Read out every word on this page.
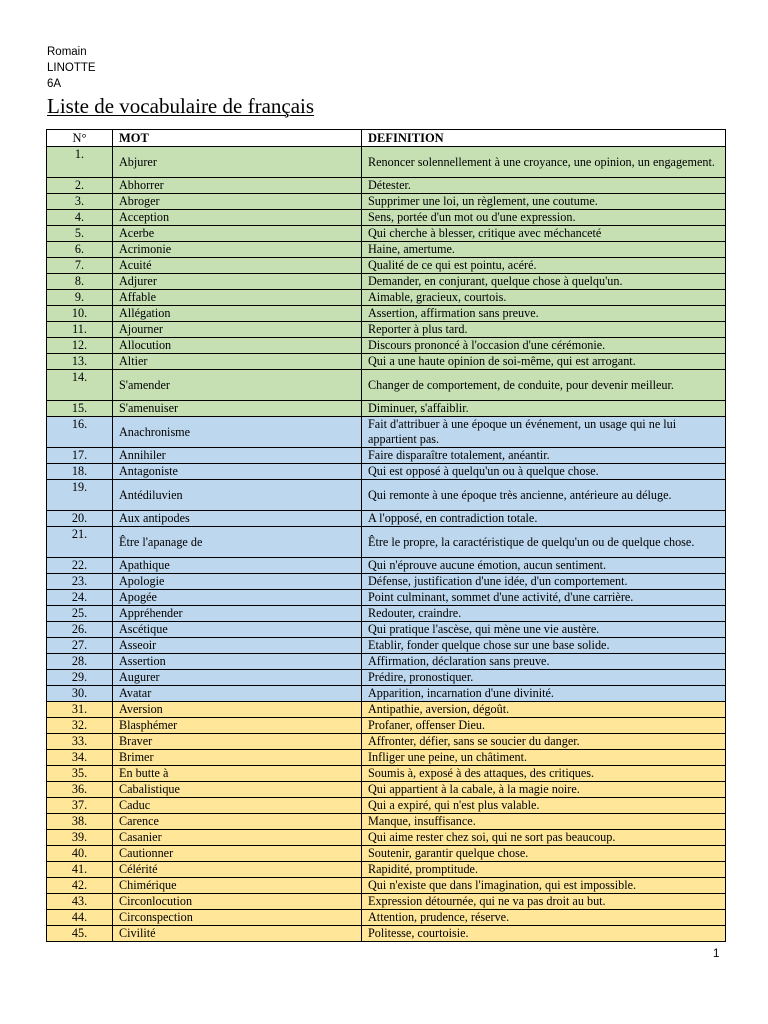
Romain
LINOTTE
6A
Liste de vocabulaire de français
N°	MOT	DEFINITION
1.	Abjurer	Renoncer solennellement à une croyance, une opinion, un engagement.
2.	Abhorrer	Détester.
3.	Abroger	Supprimer une loi, un règlement, une coutume.
4.	Acception	Sens, portée d'un mot ou d'une expression.
5.	Acerbe	Qui cherche à blesser, critique avec méchanceté
6.	Acrimonie	Haine, amertume.
7.	Acuité	Qualité de ce qui est pointu, acéré.
8.	Adjurer	Demander, en conjurant, quelque chose à quelqu'un.
9.	Affable	Aimable, gracieux, courtois.
10.	Allégation	Assertion, affirmation sans preuve.
11.	Ajourner	Reporter à plus tard.
12.	Allocution	Discours prononcé à l'occasion d'une cérémonie.
13.	Altier	Qui a une haute opinion de soi-même, qui est arrogant.
14.	S'amender	Changer de comportement, de conduite, pour devenir meilleur.
15.	S'amenuiser	Diminuer, s'affaiblir.
16.	Anachronisme	Fait d'attribuer à une époque un événement, un usage qui ne lui appartient pas.
17.	Annihiler	Faire disparaître totalement, anéantir.
18.	Antagoniste	Qui est opposé à quelqu'un ou à quelque chose.
19.	Antédiluvien	Qui remonte à une époque très ancienne, antérieure au déluge.
20.	Aux antipodes	A l'opposé, en contradiction totale.
21.	Être l'apanage de	Être le propre, la caractéristique de quelqu'un ou de quelque chose.
22.	Apathique	Qui n'éprouve aucune émotion, aucun sentiment.
23.	Apologie	Défense, justification d'une idée, d'un comportement.
24.	Apogée	Point culminant, sommet d'une activité, d'une carrière.
25.	Appréhender	Redouter, craindre.
26.	Ascétique	Qui pratique l'ascèse, qui mène une vie austère.
27.	Asseoir	Etablir, fonder quelque chose sur une base solide.
28.	Assertion	Affirmation, déclaration sans preuve.
29.	Augurer	Prédire, pronostiquer.
30.	Avatar	Apparition, incarnation d'une divinité.
31.	Aversion	Antipathie, aversion, dégoût.
32.	Blasphémer	Profaner, offenser Dieu.
33.	Braver	Affronter, défier, sans se soucier du danger.
34.	Brimer	Infliger une peine, un châtiment.
35.	En butte à	Soumis à, exposé à des attaques, des critiques.
36.	Cabalistique	Qui appartient à la cabale, à la magie noire.
37.	Caduc	Qui a expiré, qui n'est plus valable.
38.	Carence	Manque, insuffisance.
39.	Casanier	Qui aime rester chez soi, qui ne sort pas beaucoup.
40.	Cautionner	Soutenir, garantir quelque chose.
41.	Célérité	Rapidité, promptitude.
42.	Chimérique	Qui n'existe que dans l'imagination, qui est impossible.
43.	Circonlocution	Expression détournée, qui ne va pas droit au but.
44.	Circonspection	Attention, prudence, réserve.
45.	Civilité	Politesse, courtoisie.
1
